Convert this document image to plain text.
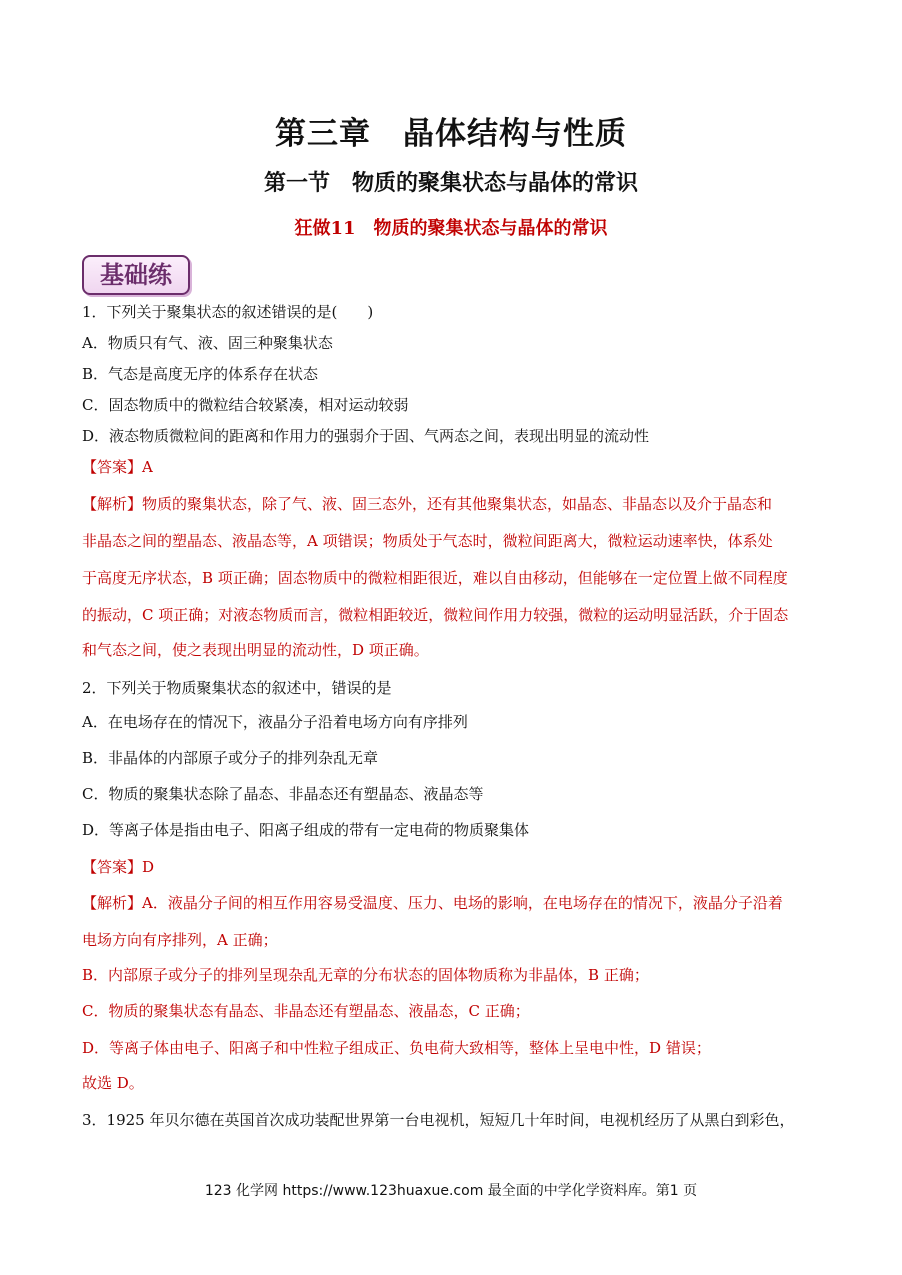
第三章　晶体结构与性质
第一节　物质的聚集状态与晶体的常识
狂做11　物质的聚集状态与晶体的常识
基础练
1．下列关于聚集状态的叙述错误的是(　　)
A．物质只有气、液、固三种聚集状态
B．气态是高度无序的体系存在状态
C．固态物质中的微粒结合较紧凑，相对运动较弱
D．液态物质微粒间的距离和作用力的强弱介于固、气两态之间，表现出明显的流动性
【答案】A
【解析】物质的聚集状态，除了气、液、固三态外，还有其他聚集状态，如晶态、非晶态以及介于晶态和
非晶态之间的塑晶态、液晶态等，A 项错误；物质处于气态时，微粒间距离大，微粒运动速率快，体系处
于高度无序状态，B 项正确；固态物质中的微粒相距很近，难以自由移动，但能够在一定位置上做不同程度
的振动，C 项正确；对液态物质而言，微粒相距较近，微粒间作用力较强，微粒的运动明显活跃，介于固态
和气态之间，使之表现出明显的流动性，D 项正确。
2．下列关于物质聚集状态的叙述中，错误的是
A．在电场存在的情况下，液晶分子沿着电场方向有序排列
B．非晶体的内部原子或分子的排列杂乱无章
C．物质的聚集状态除了晶态、非晶态还有塑晶态、液晶态等
D．等离子体是指由电子、阳离子组成的带有一定电荷的物质聚集体
【答案】D
【解析】A．液晶分子间的相互作用容易受温度、压力、电场的影响，在电场存在的情况下，液晶分子沿着
电场方向有序排列，A 正确；
B．内部原子或分子的排列呈现杂乱无章的分布状态的固体物质称为非晶体，B 正确；
C．物质的聚集状态有晶态、非晶态还有塑晶态、液晶态，C 正确；
D．等离子体由电子、阳离子和中性粒子组成正、负电荷大致相等，整体上呈电中性，D 错误；
故选 D。
3．1925 年贝尔德在英国首次成功装配世界第一台电视机，短短几十年时间，电视机经历了从黑白到彩色，
123 化学网 https://www.123huaxue.com 最全面的中学化学资料库。第1 页
